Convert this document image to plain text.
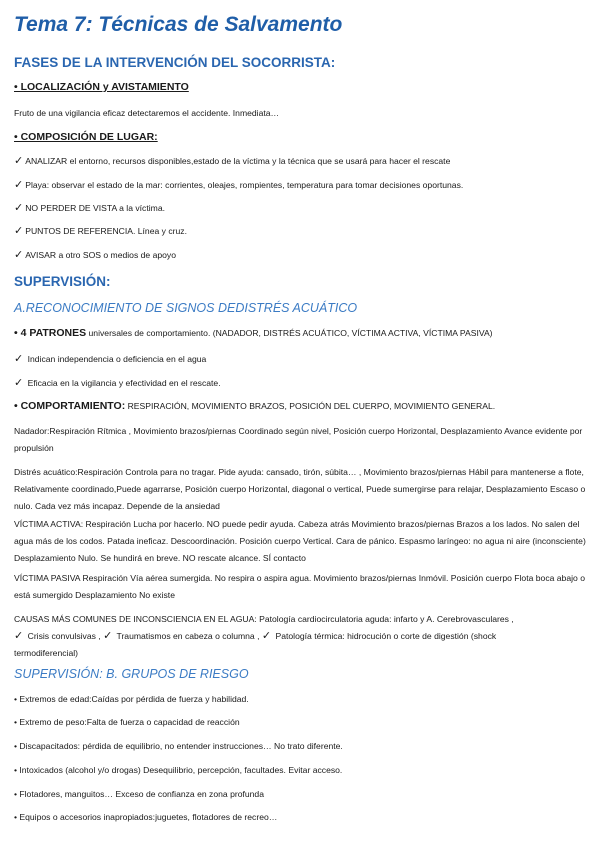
Tema 7: Técnicas de Salvamento
FASES DE LA INTERVENCIÓN DEL SOCORRISTA:
• LOCALIZACIÓN y AVISTAMIENTO
Fruto de una vigilancia eficaz detectaremos el accidente. Inmediata…
• COMPOSICIÓN DE LUGAR:
✓ ANALIZAR el entorno, recursos disponibles,estado de la víctima y la técnica que se usará para hacer el rescate
✓ Playa: observar el estado de la mar: corrientes, oleajes, rompientes, temperatura para tomar decisiones oportunas.
✓ NO PERDER DE VISTA a la víctima.
✓ PUNTOS DE REFERENCIA. Línea y cruz.
✓ AVISAR a otro SOS o medios de apoyo
SUPERVISIÓN:
A.RECONOCIMIENTO DE SIGNOS DEDISTRÉS ACUÁTICO
• 4 PATRONES universales de comportamiento. (NADADOR, DISTRÉS ACUÁTICO, VÍCTIMA ACTIVA, VÍCTIMA PASIVA)
✓ Indican independencia o deficiencia en el agua
✓ Eficacia en la vigilancia y efectividad en el rescate.
• COMPORTAMIENTO: RESPIRACIÓN, MOVIMIENTO BRAZOS, POSICIÓN DEL CUERPO, MOVIMIENTO GENERAL.
Nadador:Respiración Rítmica , Movimiento brazos/piernas Coordinado según nivel, Posición cuerpo Horizontal, Desplazamiento Avance evidente por propulsión
Distrés acuático:Respiración Controla para no tragar. Pide ayuda: cansado, tirón, súbita… , Movimiento brazos/piernas Hábil para mantenerse a flote, Relativamente coordinado,Puede agarrarse, Posición cuerpo Horizontal, diagonal o vertical, Puede sumergirse para relajar, Desplazamiento Escaso o nulo. Cada vez más incapaz. Depende de la ansiedad
VÍCTIMA ACTIVA: Respiración Lucha por hacerlo. NO puede pedir ayuda. Cabeza atrás Movimiento brazos/piernas Brazos a los lados. No salen del agua más de los codos. Patada ineficaz. Descoordinación. Posición cuerpo Vertical. Cara de pánico. Espasmo laríngeo: no agua ni aire (inconsciente) Desplazamiento Nulo. Se hundirá en breve. NO rescate alcance. SÍ contacto
VÍCTIMA PASIVA Respiración Vía aérea sumergida. No respira o aspira agua. Movimiento brazos/piernas Inmóvil. Posición cuerpo Flota boca abajo o está sumergido Desplazamiento No existe
CAUSAS MÁS COMUNES DE INCONSCIENCIA EN EL AGUA: Patología cardiocirculatoria aguda: infarto y A. Cerebrovasculares ,
✓ Crisis convulsivas , ✓ Traumatismos en cabeza o columna , ✓ Patología térmica: hidrocución o corte de digestión (shock
termodiferencial)
SUPERVISIÓN: B. GRUPOS DE RIESGO
• Extremos de edad:Caídas por pérdida de fuerza y habilidad.
• Extremo de peso:Falta de fuerza o capacidad de reacción
• Discapacitados: pérdida de equilibrio, no entender instrucciones… No trato diferente.
• Intoxicados (alcohol y/o drogas) Desequilibrio, percepción, facultades. Evitar acceso.
• Flotadores, manguitos… Exceso de confianza en zona profunda
• Equipos o accesorios inapropiados:juguetes, flotadores de recreo…
